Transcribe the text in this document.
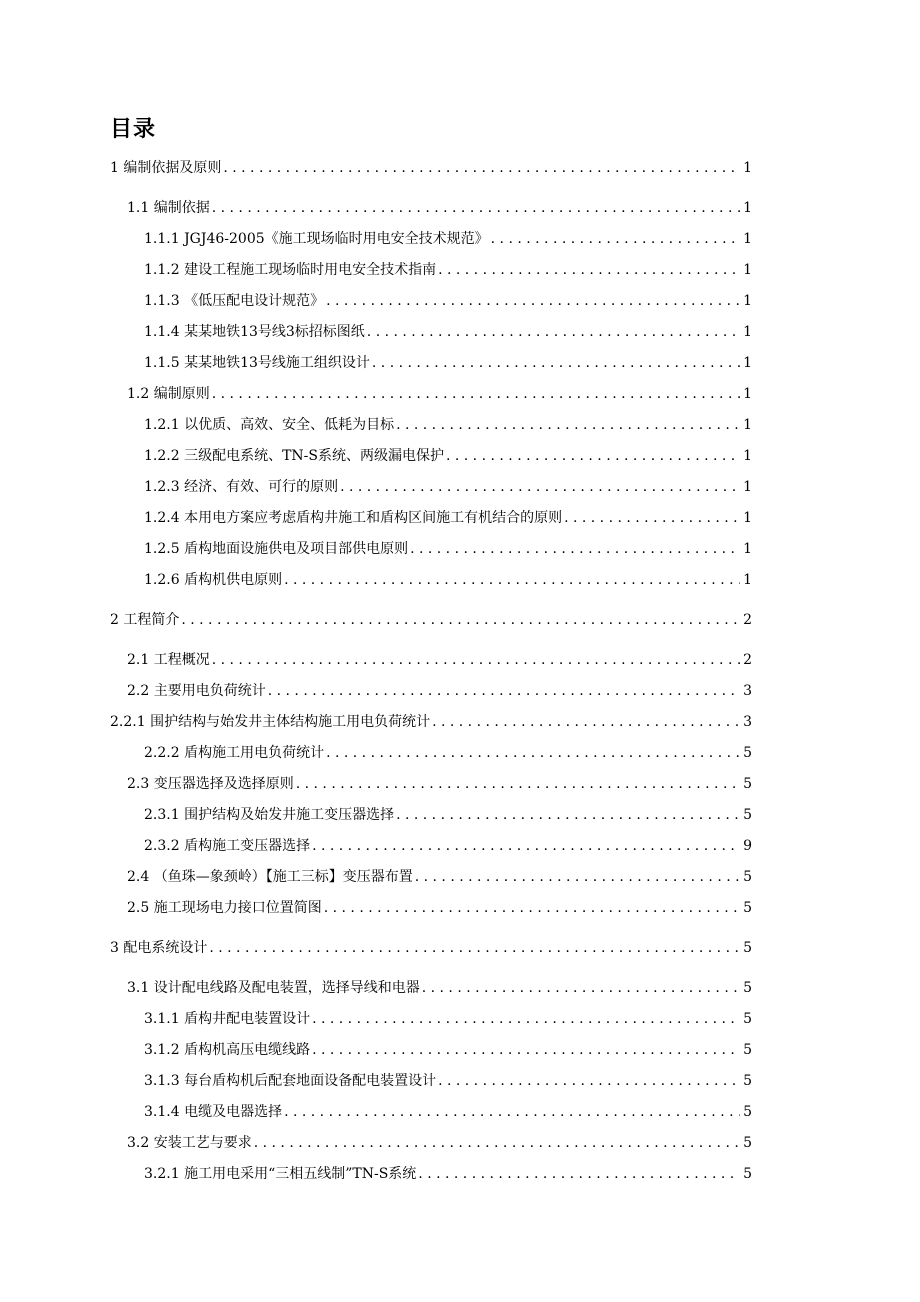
目录
1 编制依据及原则 . . .	1
1.1 编制依据 . . .	1
1.1.1 JGJ46-2005《施工现场临时用电安全技术规范》 . . .	1
1.1.2 建设工程施工现场临时用电安全技术指南 . . .	1
1.1.3 《低压配电设计规范》 . . .	1
1.1.4 某某地铁13号线3标招标图纸 . . .	1
1.1.5 某某地铁13号线施工组织设计 . . .	1
1.2 编制原则 . . .	1
1.2.1 以优质、高效、安全、低耗为目标 . . .	1
1.2.2 三级配电系统、TN-S系统、两级漏电保护 . . .	1
1.2.3 经济、有效、可行的原则 . . .	1
1.2.4 本用电方案应考虑盾构井施工和盾构区间施工有机结合的原则 . . .	1
1.2.5 盾构地面设施供电及项目部供电原则 . . .	1
1.2.6 盾构机供电原则 . . .	1
2 工程简介 . . .	2
2.1 工程概况 . . .	2
2.2 主要用电负荷统计 . . .	3
2.2.1 围护结构与始发井主体结构施工用电负荷统计 . . .	3
2.2.2 盾构施工用电负荷统计 . . .	5
2.3 变压器选择及选择原则 . . .	5
2.3.1 围护结构及始发井施工变压器选择 . . .	5
2.3.2 盾构施工变压器选择 . . .	9
2.4 （鱼珠—象颈岭）【施工三标】变压器布置 . . .	5
2.5 施工现场电力接口位置简图 . . .	5
3 配电系统设计 . . .	5
3.1 设计配电线路及配电装置，选择导线和电器 . . .	5
3.1.1 盾构井配电装置设计 . . .	5
3.1.2 盾构机高压电缆线路 . . .	5
3.1.3 每台盾构机后配套地面设备配电装置设计 . . .	5
3.1.4 电缆及电器选择 . . .	5
3.2 安装工艺与要求 . . .	5
3.2.1 施工用电采用“三相五线制”TN-S系统 . . .	5
